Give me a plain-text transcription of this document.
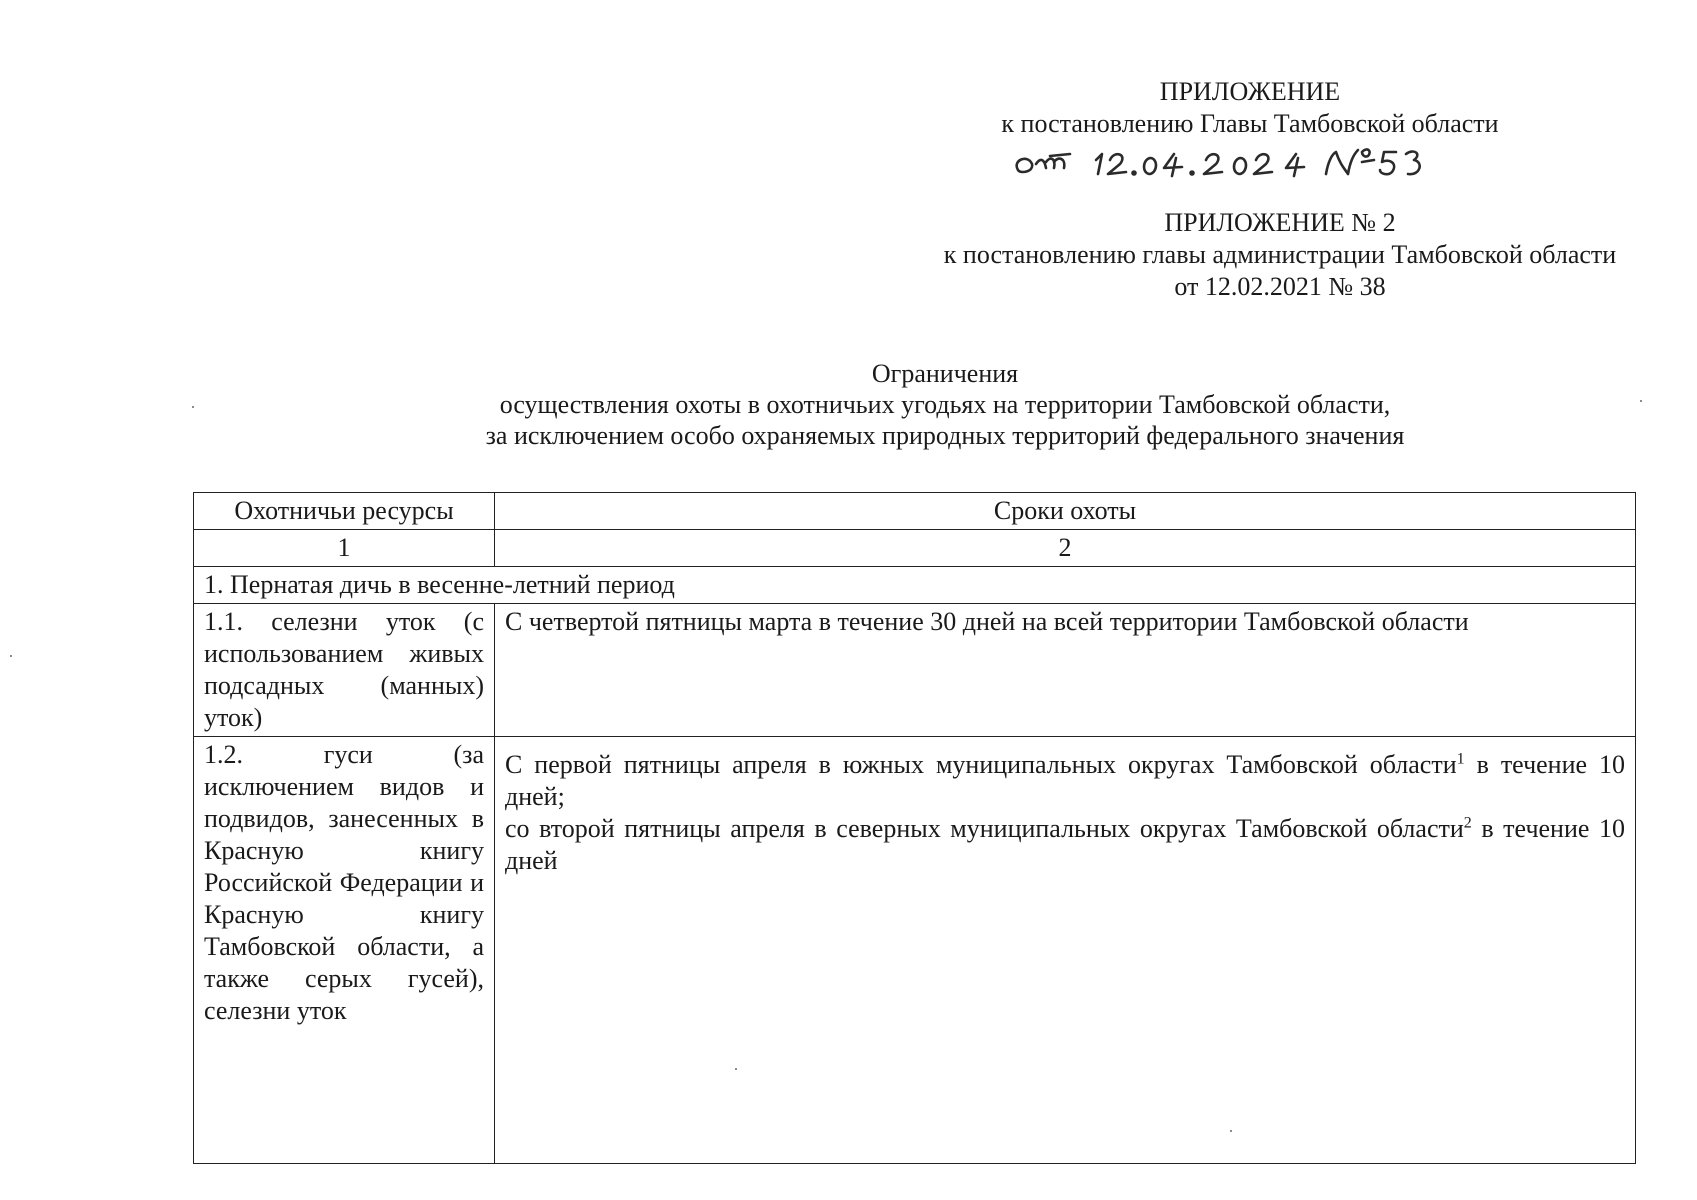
ПРИЛОЖЕНИЕ
к постановлению Главы Тамбовской области
ПРИЛОЖЕНИЕ № 2
к постановлению главы администрации Тамбовской области
от 12.02.2021 № 38
Ограничения
осуществления охоты в охотничьих угодьях на территории Тамбовской области,
за исключением особо охраняемых природных территорий федерального значения
Охотничьи ресурсы	Сроки охоты
1	2
1. Пернатая дичь в весенне-летний период	
1.1. селезни уток (с использованием живых подсадных (манных) уток)	С четвертой пятницы марта в течение 30 дней на всей территории Тамбовской области
1.2. гуси (за исключением видов и подвидов, занесенных в Красную книгу Российской Федерации и Красную книгу Тамбовской области, а также серых гусей), селезни уток	С первой пятницы апреля в южных муниципальных округах Тамбовской области$^1$ в течение 10 дней;
со второй пятницы апреля в северных муниципальных округах Тамбовской области$^2$ в течение 10 дней
